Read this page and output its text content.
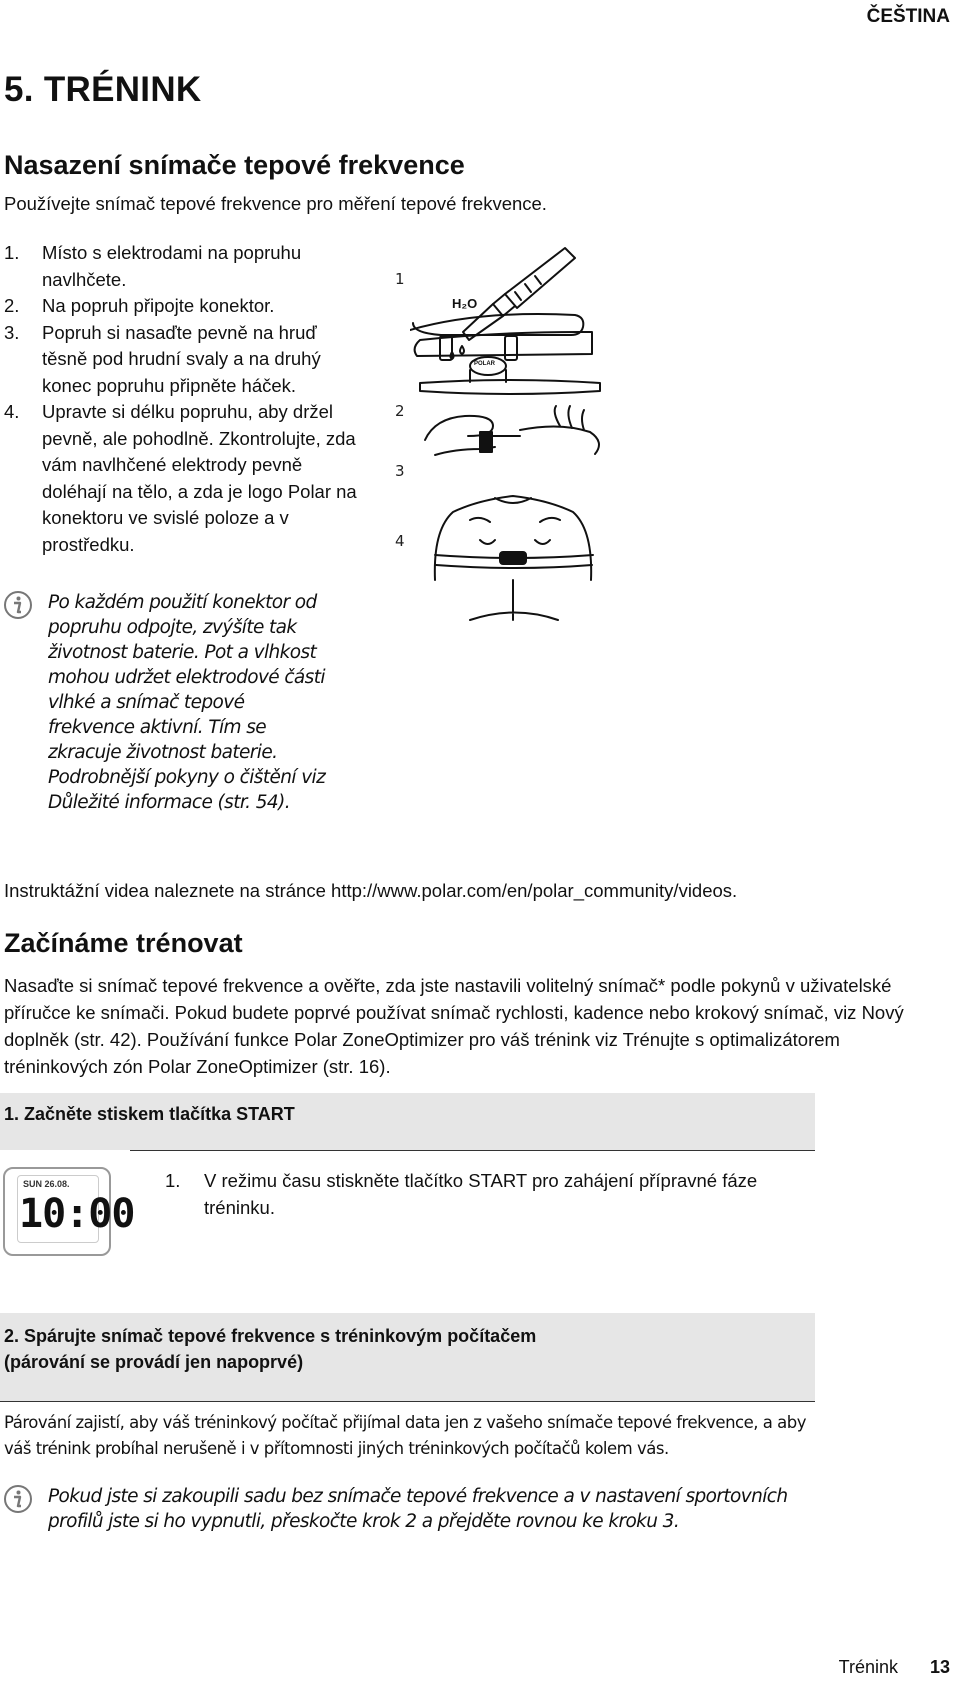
ČEŠTINA
5. TRÉNINK
Nasazení snímače tepové frekvence
Používejte snímač tepové frekvence pro měření tepové frekvence.
1. Místo s elektrodami na popruhu navlhčete.
2. Na popruh připojte konektor.
3. Popruh si nasaďte pevně na hruď těsně pod hrudní svaly a na druhý konec popruhu připněte háček.
4. Upravte si délku popruhu, aby držel pevně, ale pohodlně. Zkontrolujte, zda vám navlhčené elektrody pevně doléhají na tělo, a zda je logo Polar na konektoru ve svislé poloze a v prostředku.
Po každém použití konektor od popruhu odpojte, zvýšíte tak životnost baterie. Pot a vlhkost mohou udržet elektrodové části vlhké a snímač tepové frekvence aktivní. Tím se zkracuje životnost baterie. Podrobnější pokyny o čištění viz Důležité informace (str. 54).
1
2
3
4
H₂O
POLAR
Instruktážní videa naleznete na stránce http://www.polar.com/en/polar_community/videos.
Začínáme trénovat
Nasaďte si snímač tepové frekvence a ověřte, zda jste nastavili volitelný snímač* podle pokynů v uživatelské příručce ke snímači. Pokud budete poprvé používat snímač rychlosti, kadence nebo krokový snímač, viz Nový doplněk (str. 42). Používání funkce Polar ZoneOptimizer pro váš trénink viz Trénujte s optimalizátorem tréninkových zón Polar ZoneOptimizer (str. 16).
1. Začněte stiskem tlačítka START
SUN 26.08.
10:00
1. V režimu času stiskněte tlačítko START pro zahájení přípravné fáze tréninku.
2. Spárujte snímač tepové frekvence s tréninkovým počítačem
(párování se provádí jen napoprvé)
Párování zajistí, aby váš tréninkový počítač přijímal data jen z vašeho snímače tepové frekvence, a aby váš trénink probíhal nerušeně i v přítomnosti jiných tréninkových počítačů kolem vás.
Pokud jste si zakoupili sadu bez snímače tepové frekvence a v nastavení sportovních profilů jste si ho vypnutli, přeskočte krok 2 a přejděte rovnou ke kroku 3.
Trénink 13
